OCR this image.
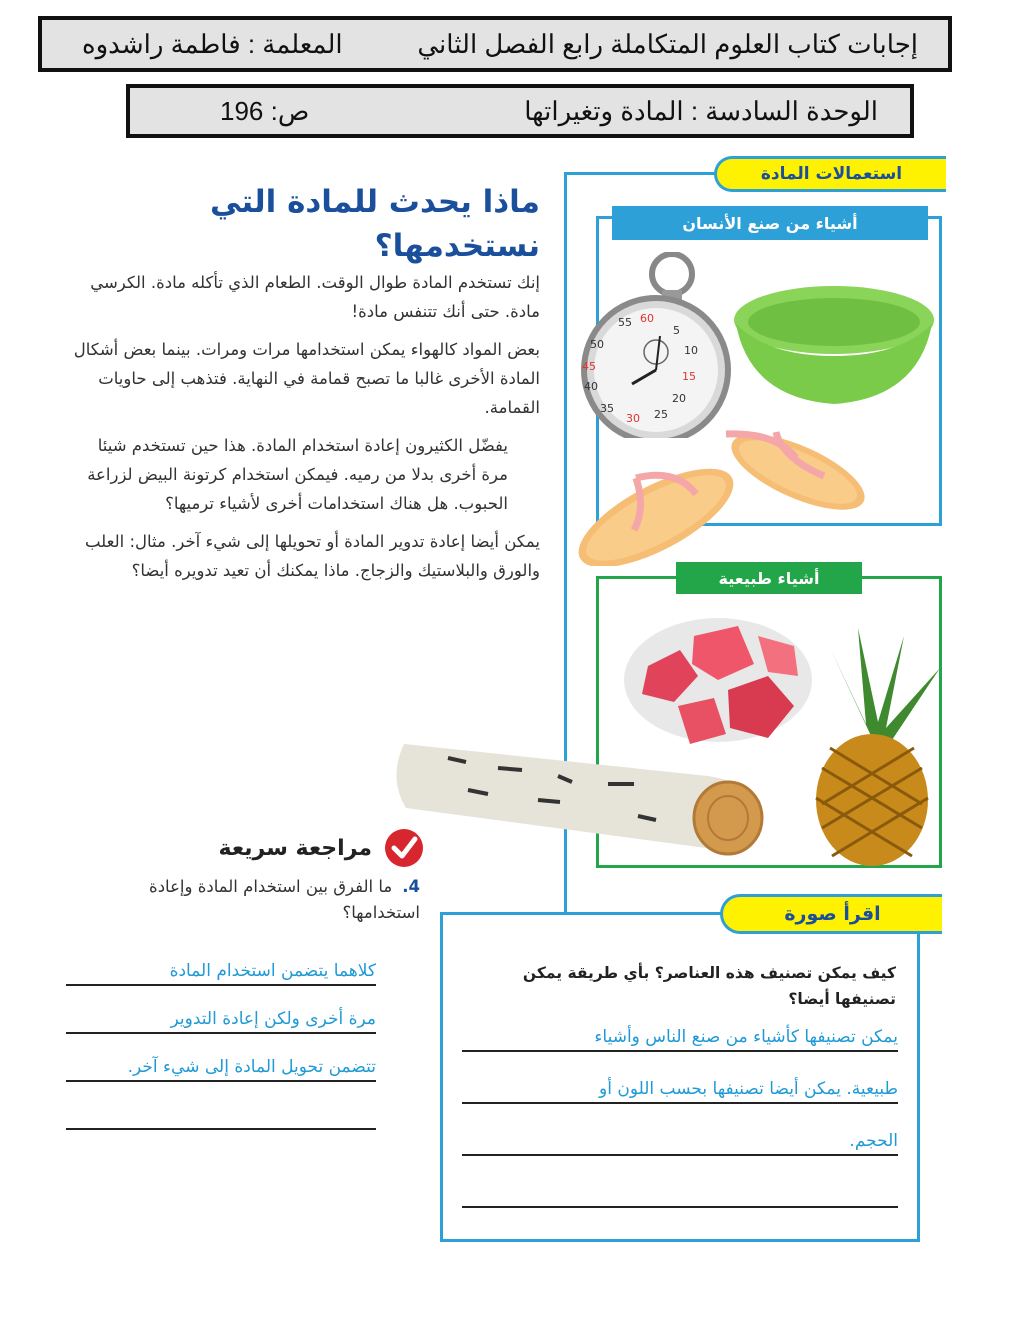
إجابات كتاب العلوم المتكاملة رابع الفصل الثاني
المعلمة : فاطمة راشدوه
الوحدة السادسة : المادة وتغيراتها
ص: 196
ماذا يحدث للمادة التي نستخدمها؟

إنك تستخدم المادة طوال الوقت. الطعام الذي تأكله مادة. الكرسي مادة. حتى أنك تتنفس مادة!

بعض المواد كالهواء يمكن استخدامها مرات ومرات. بينما بعض أشكال المادة الأخرى غالبا ما تصبح قمامة في النهاية. فتذهب إلى حاويات القمامة.

يفضّل الكثيرون إعادة استخدام المادة. هذا حين تستخدم شيئا مرة أخرى بدلا من رميه. فيمكن استخدام كرتونة البيض لزراعة الحبوب. هل هناك استخدامات أخرى لأشياء ترميها؟

يمكن أيضا إعادة تدوير المادة أو تحويلها إلى شيء آخر. مثال: العلب والورق والبلاستيك والزجاج. ماذا يمكنك أن تعيد تدويره أيضا؟

استعمالات المادة
أشياء من صنع الأنسان
55 60
5
50
45
40
35
30 25
20
10
15
أشياء طبيعية
مراجعة سريعة
4.ما الفرق بين استخدام المادة وإعادة استخدامها؟
كلاهما يتضمن استخدام المادة
مرة أخرى ولكن إعادة التدوير
تتضمن تحويل المادة إلى شيء آخر.
اقرأ صورة
كيف يمكن تصنيف هذه العناصر؟ بأي طريقة يمكن تصنيفها أيضا؟
يمكن تصنيفها كأشياء من صنع الناس وأشياء
طبيعية. يمكن أيضا تصنيفها بحسب اللون أو
الحجم.
